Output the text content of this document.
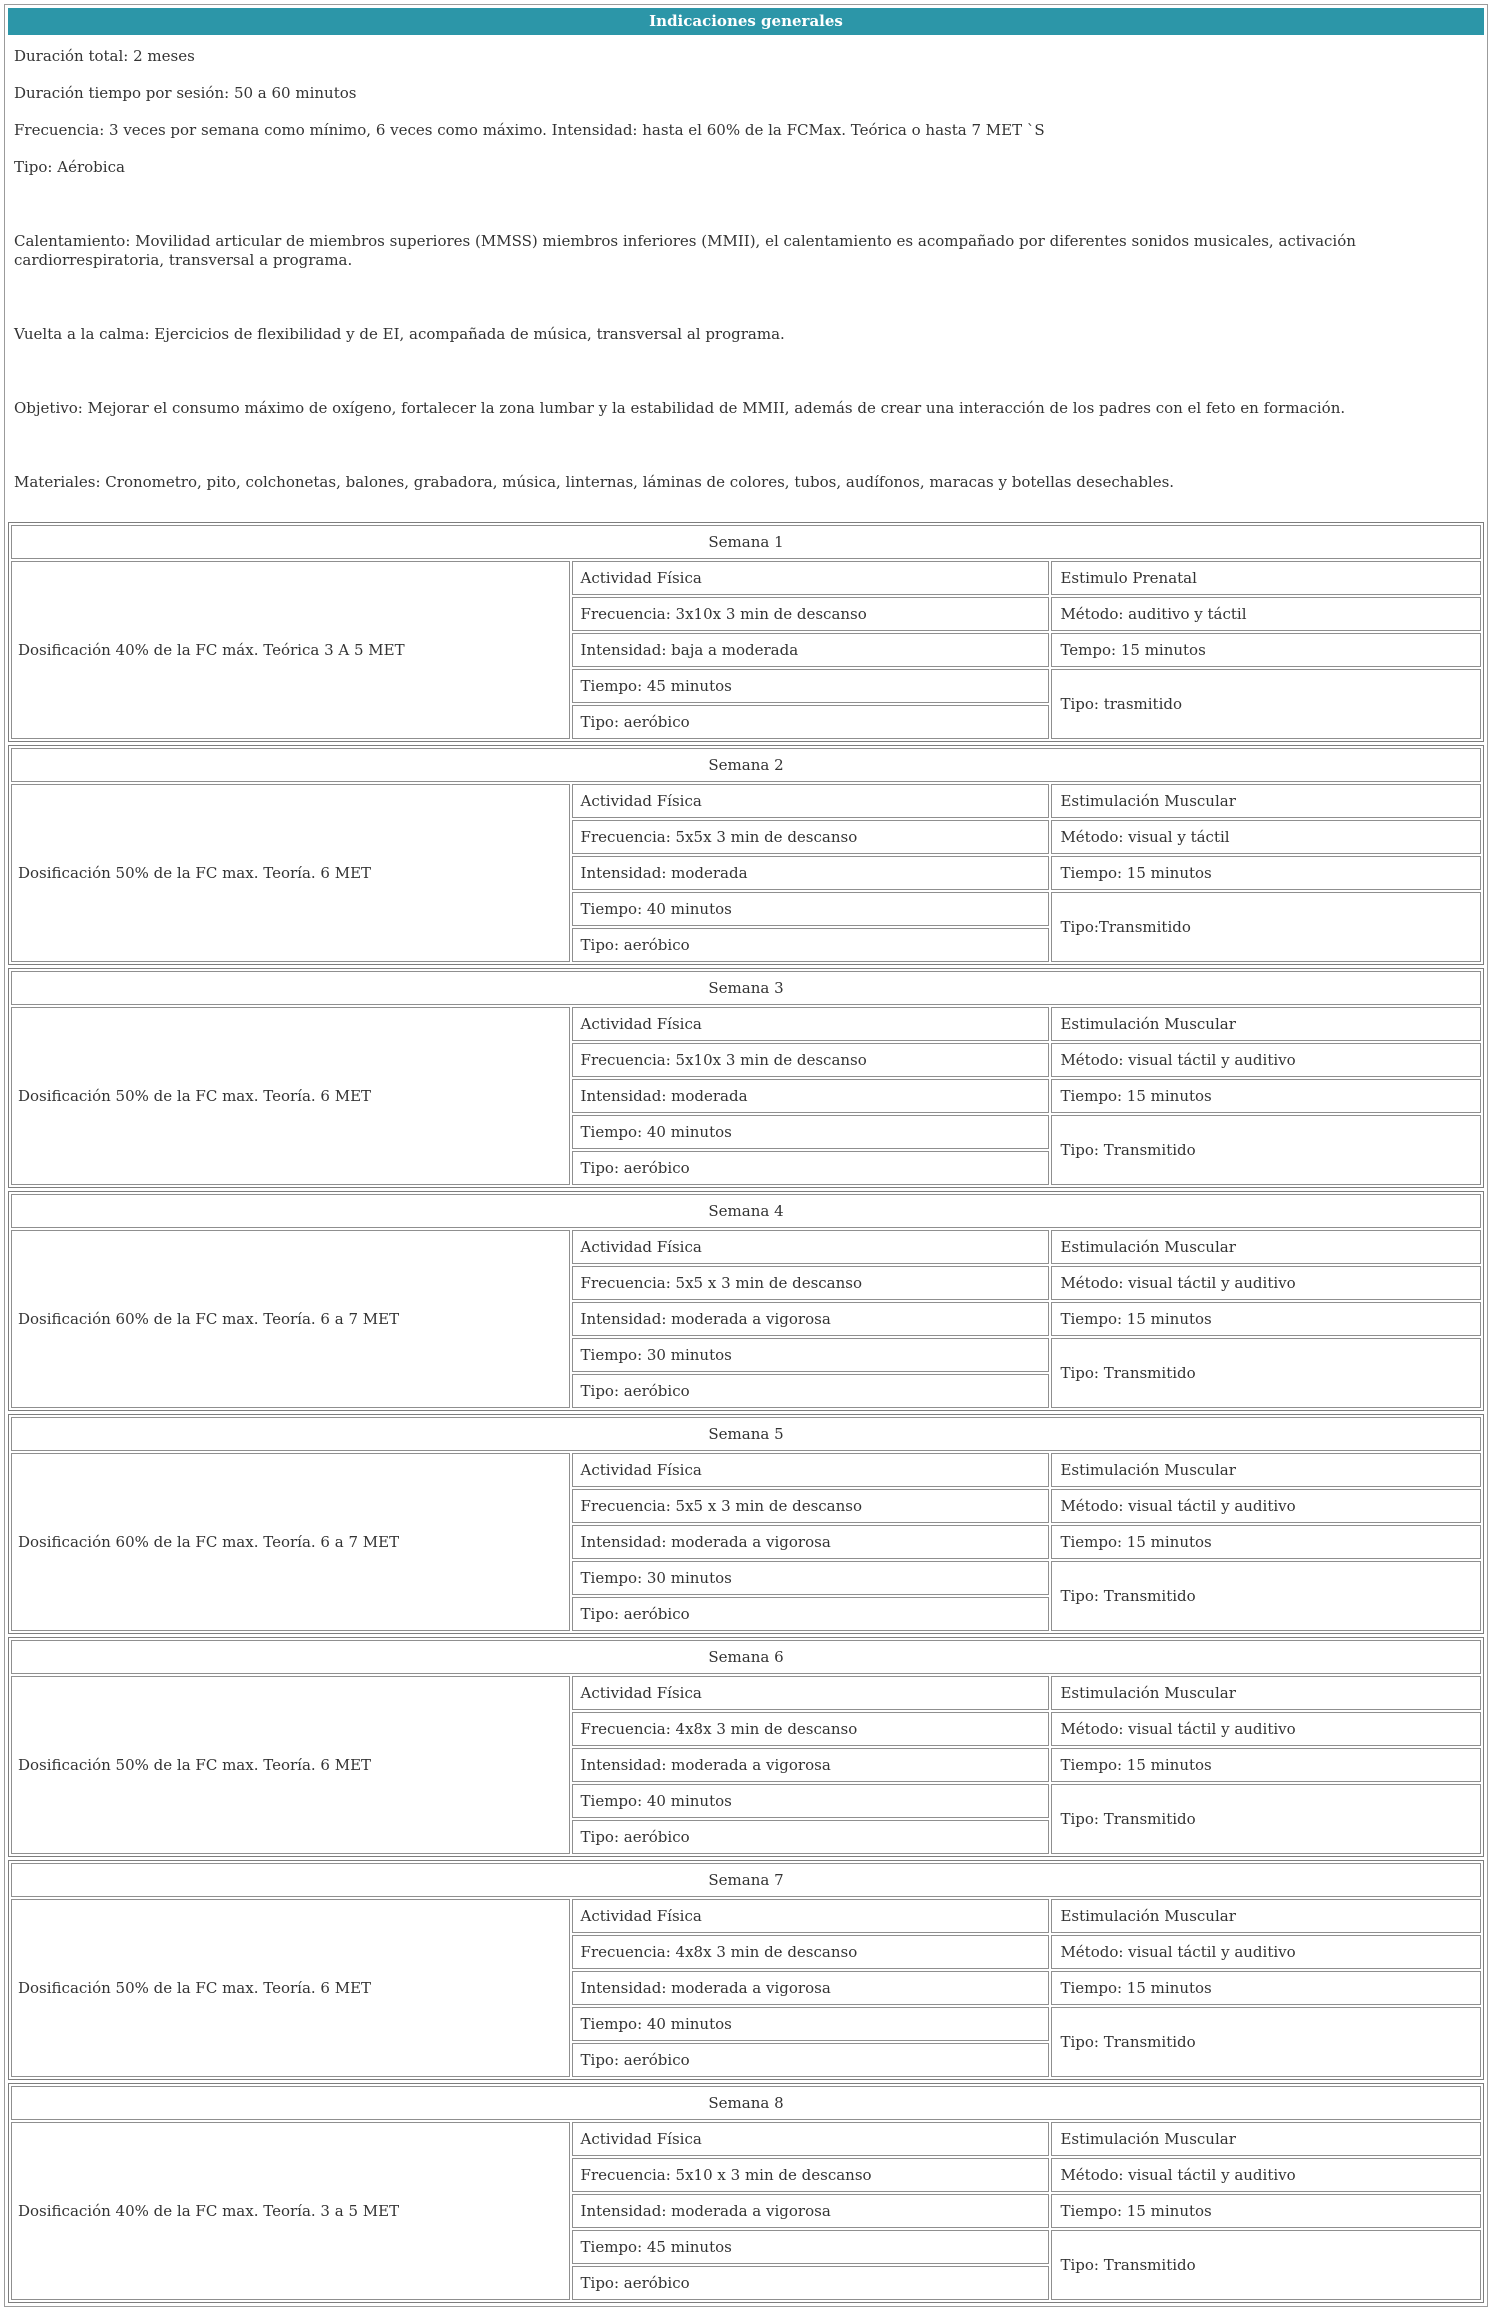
Indicaciones generales

Duración total: 2 meses

Duración tiempo por sesión: 50 a 60 minutos

Frecuencia: 3 veces por semana como mínimo, 6 veces como máximo. Intensidad: hasta el 60% de la FCMax. Teórica o hasta 7 MET `S

Tipo: Aérobica

Calentamiento: Movilidad articular de miembros superiores (MMSS) miembros inferiores (MMII), el calentamiento es acompañado por diferentes sonidos musicales, activación cardiorrespiratoria, transversal a programa.

Vuelta a la calma: Ejercicios de flexibilidad y de EI, acompañada de música, transversal al programa.

Objetivo: Mejorar el consumo máximo de oxígeno, fortalecer la zona lumbar y la estabilidad de MMII, además de crear una interacción de los padres con el feto en formación.

Materiales: Cronometro, pito, colchonetas, balones, grabadora, música, linternas, láminas de colores, tubos, audífonos, maracas y botellas desechables.

Semana 1		
Dosificación 40% de la FC máx. Teórica 3 A 5 MET	Actividad Física	Estimulo Prenatal
	Frecuencia: 3x10x 3 min de descanso	Método: auditivo y táctil
	Intensidad: baja a moderada	Tempo: 15 minutos
	Tiempo: 45 minutos	Tipo: trasmitido
	Tipo: aeróbico	
Semana 2		
Dosificación 50% de la FC max. Teoría. 6 MET	Actividad Física	Estimulación Muscular
	Frecuencia: 5x5x 3 min de descanso	Método: visual y táctil
	Intensidad: moderada	Tiempo: 15 minutos
	Tiempo: 40 minutos	Tipo:Transmitido
	Tipo: aeróbico	
Semana 3		
Dosificación 50% de la FC max. Teoría. 6 MET	Actividad Física	Estimulación Muscular
	Frecuencia: 5x10x 3 min de descanso	Método: visual táctil y auditivo
	Intensidad: moderada	Tiempo: 15 minutos
	Tiempo: 40 minutos	Tipo: Transmitido
	Tipo: aeróbico	
Semana 4		
Dosificación 60% de la FC max. Teoría. 6 a 7 MET	Actividad Física	Estimulación Muscular
	Frecuencia: 5x5 x 3 min de descanso	Método: visual táctil y auditivo
	Intensidad: moderada a vigorosa	Tiempo: 15 minutos
	Tiempo: 30 minutos	Tipo: Transmitido
	Tipo: aeróbico	
Semana 5		
Dosificación 60% de la FC max. Teoría. 6 a 7 MET	Actividad Física	Estimulación Muscular
	Frecuencia: 5x5 x 3 min de descanso	Método: visual táctil y auditivo
	Intensidad: moderada a vigorosa	Tiempo: 15 minutos
	Tiempo: 30 minutos	Tipo: Transmitido
	Tipo: aeróbico	
Semana 6		
Dosificación 50% de la FC max. Teoría. 6 MET	Actividad Física	Estimulación Muscular
	Frecuencia: 4x8x 3 min de descanso	Método: visual táctil y auditivo
	Intensidad: moderada a vigorosa	Tiempo: 15 minutos
	Tiempo: 40 minutos	Tipo: Transmitido
	Tipo: aeróbico	
Semana 7		
Dosificación 50% de la FC max. Teoría. 6 MET	Actividad Física	Estimulación Muscular
	Frecuencia: 4x8x 3 min de descanso	Método: visual táctil y auditivo
	Intensidad: moderada a vigorosa	Tiempo: 15 minutos
	Tiempo: 40 minutos	Tipo: Transmitido
	Tipo: aeróbico	
Semana 8		
Dosificación 40% de la FC max. Teoría. 3 a 5 MET	Actividad Física	Estimulación Muscular
	Frecuencia: 5x10 x 3 min de descanso	Método: visual táctil y auditivo
	Intensidad: moderada a vigorosa	Tiempo: 15 minutos
	Tiempo: 45 minutos	Tipo: Transmitido
	Tipo: aeróbico	
